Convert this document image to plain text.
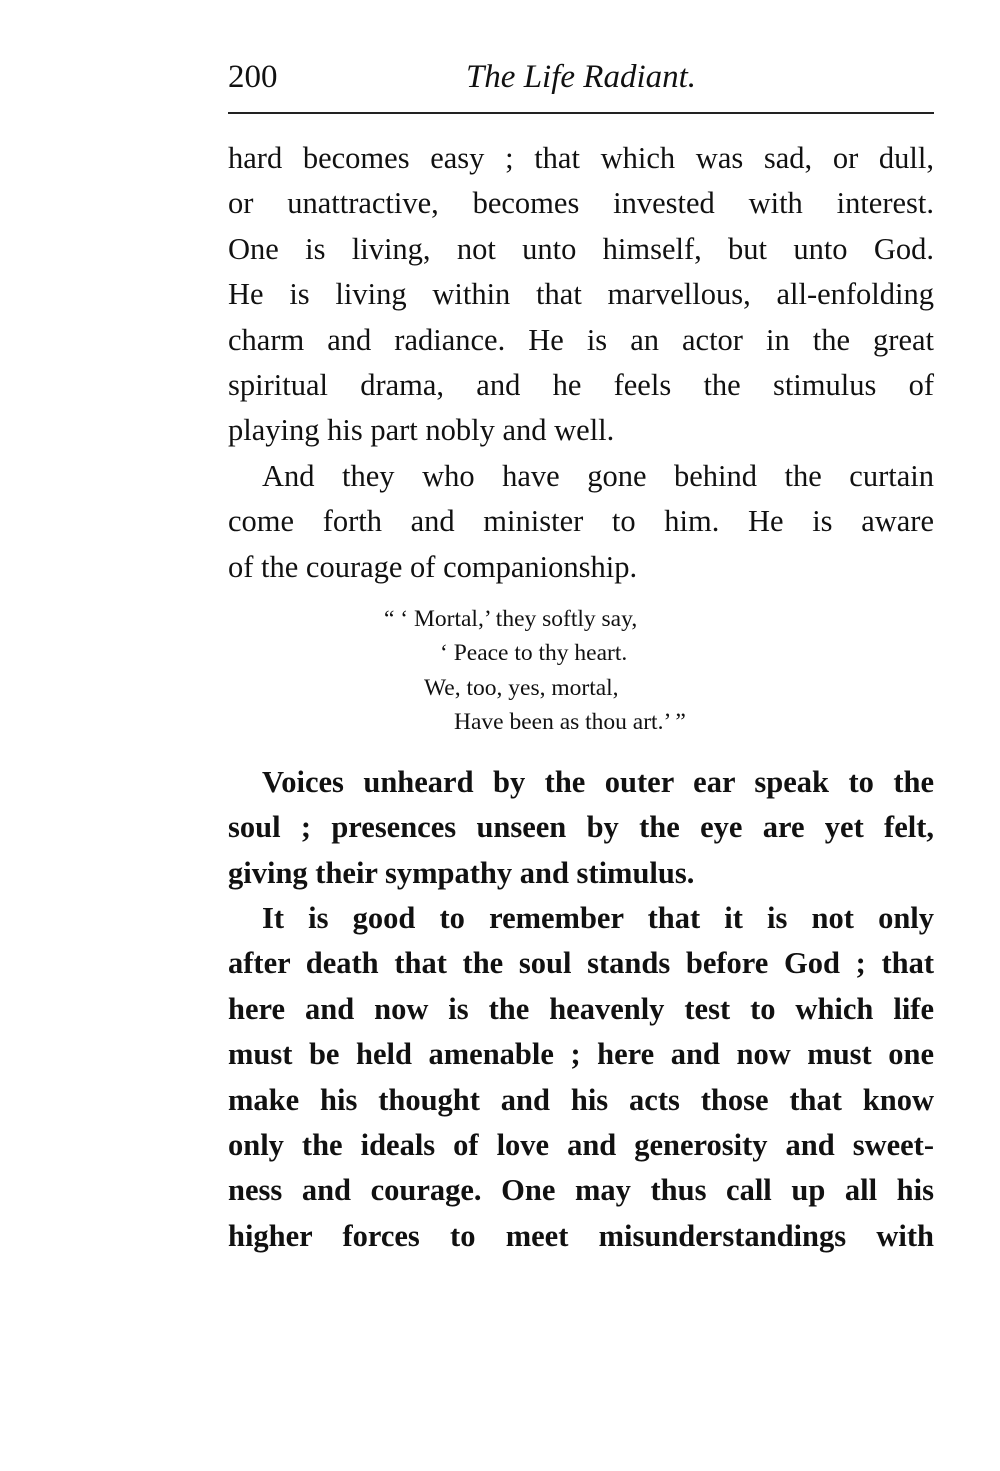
200	The Life Radiant.
hard becomes easy ; that which was sad, or dull,
or unattractive, becomes invested with interest.
One is living, not unto himself, but unto God.
He is living within that marvellous, all-enfolding
charm and radiance. He is an actor in the great
spiritual drama, and he feels the stimulus of
playing his part nobly and well.
And they who have gone behind the curtain
come forth and minister to him. He is aware
of the courage of companionship.
“ ‘ Mortal,’ they softly say,
‘ Peace to thy heart.
We, too, yes, mortal,
Have been as thou art.’ ”
Voices unheard by the outer ear speak to the
soul ; presences unseen by the eye are yet felt,
giving their sympathy and stimulus.
It is good to remember that it is not only
after death that the soul stands before God ; that
here and now is the heavenly test to which life
must be held amenable ; here and now must one
make his thought and his acts those that know
only the ideals of love and generosity and sweet-
ness and courage. One may thus call up all his
higher forces to meet misunderstandings with
